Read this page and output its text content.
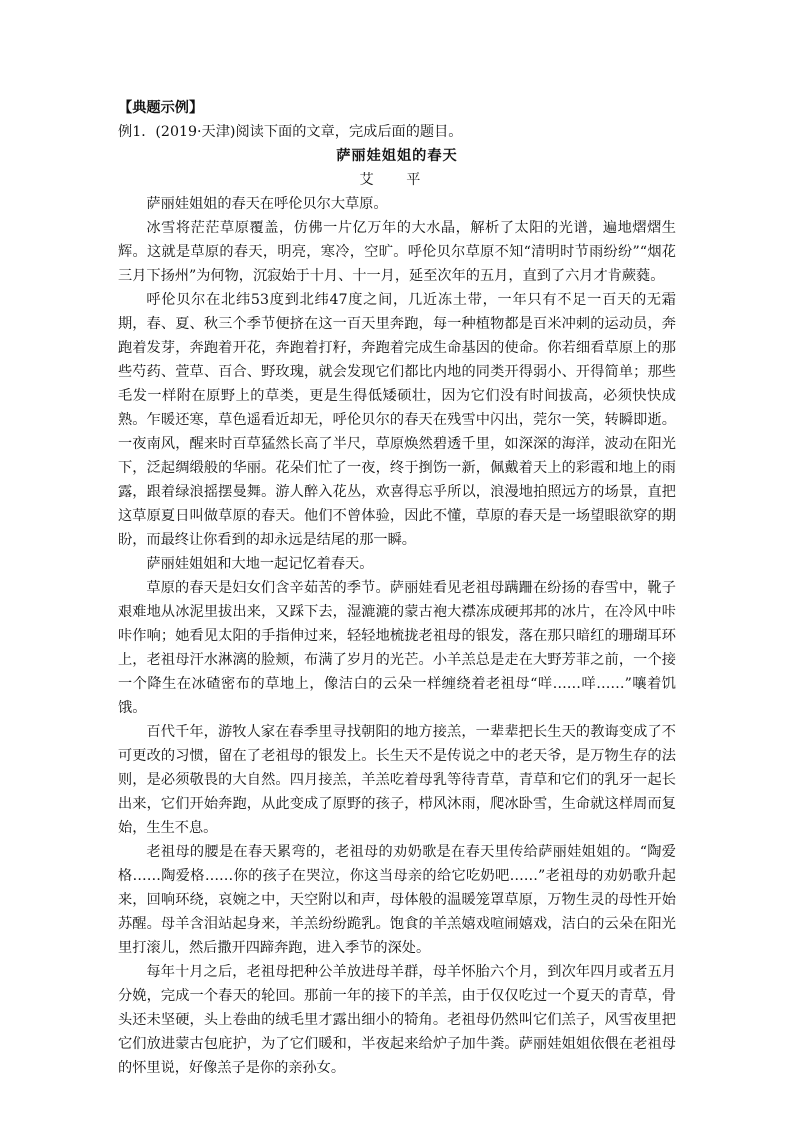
【典题示例】

例1．(2019·天津)阅读下面的文章，完成后面的题目。

萨丽娃姐姐的春天

艾 平

萨丽娃姐姐的春天在呼伦贝尔大草原。

冰雪将茫茫草原覆盖，仿佛一片亿万年的大水晶，解析了太阳的光谱，遍地熠熠生辉。这就是草原的春天，明亮，寒冷，空旷。呼伦贝尔草原不知“清明时节雨纷纷”“烟花三月下扬州”为何物，沉寂始于十月、十一月，延至次年的五月，直到了六月才肯蕨蕤。

呼伦贝尔在北纬53度到北纬47度之间，几近冻土带，一年只有不足一百天的无霜期，春、夏、秋三个季节便挤在这一百天里奔跑，每一种植物都是百米冲刺的运动员，奔跑着发芽，奔跑着开花，奔跑着打籽，奔跑着完成生命基因的使命。你若细看草原上的那些芍药、萱草、百合、野玫瑰，就会发现它们都比内地的同类开得弱小、开得简单；那些毛发一样附在原野上的草类，更是生得低矮硕壮，因为它们没有时间拔高，必须快快成熟。乍暖还寒，草色遥看近却无，呼伦贝尔的春天在残雪中闪出，莞尔一笑，转瞬即逝。一夜南风，醒来时百草猛然长高了半尺，草原焕然碧透千里，如深深的海洋，波动在阳光下，泛起绸缎般的华丽。花朵们忙了一夜，终于捯饬一新，佩戴着天上的彩霞和地上的雨露，跟着绿浪摇摆曼舞。游人醉入花丛，欢喜得忘乎所以，浪漫地拍照远方的场景，直把这草原夏日叫做草原的春天。他们不曾体验，因此不懂，草原的春天是一场望眼欲穿的期盼，而最终让你看到的却永远是结尾的那一瞬。

萨丽娃姐姐和大地一起记忆着春天。

草原的春天是妇女们含辛茹苦的季节。萨丽娃看见老祖母蹒跚在纷扬的春雪中，靴子艰难地从冰泥里拔出来，又踩下去，湿漉漉的蒙古袍大襟冻成硬邦邦的冰片，在冷风中咔咔作响；她看见太阳的手指伸过来，轻轻地梳拢老祖母的银发，落在那只暗红的珊瑚耳环上，老祖母汗水淋漓的脸颊，布满了岁月的光芒。小羊羔总是走在大野芳菲之前，一个接一个降生在冰碴密布的草地上，像洁白的云朵一样缠绕着老祖母“咩……咩……”嚷着饥饿。

百代千年，游牧人家在春季里寻找朝阳的地方接羔，一辈辈把长生天的教诲变成了不可更改的习惯，留在了老祖母的银发上。长生天不是传说之中的老天爷，是万物生存的法则，是必须敬畏的大自然。四月接羔，羊羔吃着母乳等待青草，青草和它们的乳牙一起长出来，它们开始奔跑，从此变成了原野的孩子，栉风沐雨，爬冰卧雪，生命就这样周而复始，生生不息。

老祖母的腰是在春天累弯的，老祖母的劝奶歌是在春天里传给萨丽娃姐姐的。“陶爱格……陶爱格……你的孩子在哭泣，你这当母亲的给它吃奶吧……”老祖母的劝奶歌升起来，回响环绕，哀婉之中，天空附以和声，母体般的温暖笼罩草原，万物生灵的母性开始苏醒。母羊含泪站起身来，羊羔纷纷跪乳。饱食的羊羔嬉戏喧闹嬉戏，洁白的云朵在阳光里打滚儿，然后撒开四蹄奔跑，进入季节的深处。

每年十月之后，老祖母把种公羊放进母羊群，母羊怀胎六个月，到次年四月或者五月分娩，完成一个春天的轮回。那前一年的接下的羊羔，由于仅仅吃过一个夏天的青草，骨头还未坚硬，头上卷曲的绒毛里才露出细小的犄角。老祖母仍然叫它们羔子，风雪夜里把它们放进蒙古包庇护，为了它们暖和，半夜起来给炉子加牛粪。萨丽娃姐姐依偎在老祖母的怀里说，好像羔子是你的亲孙女。
